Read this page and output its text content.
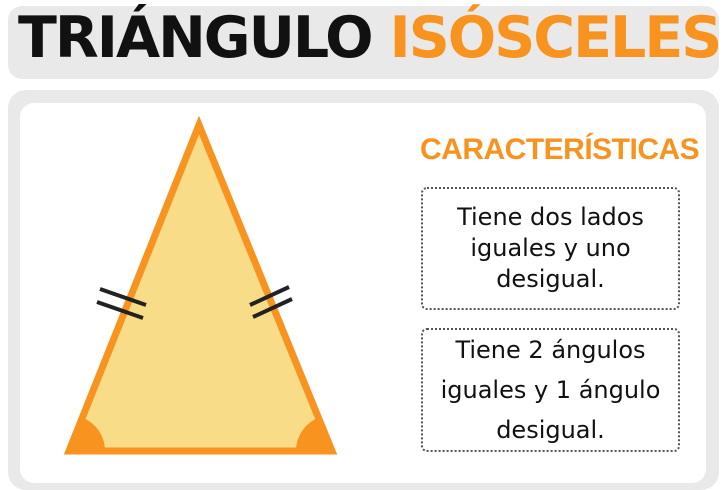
TRIÁNGULO ISÓSCELES
CARACTERÍSTICAS
Tiene dos lados iguales y uno desigual.
Tiene 2 ángulos iguales y 1 ángulo desigual.
